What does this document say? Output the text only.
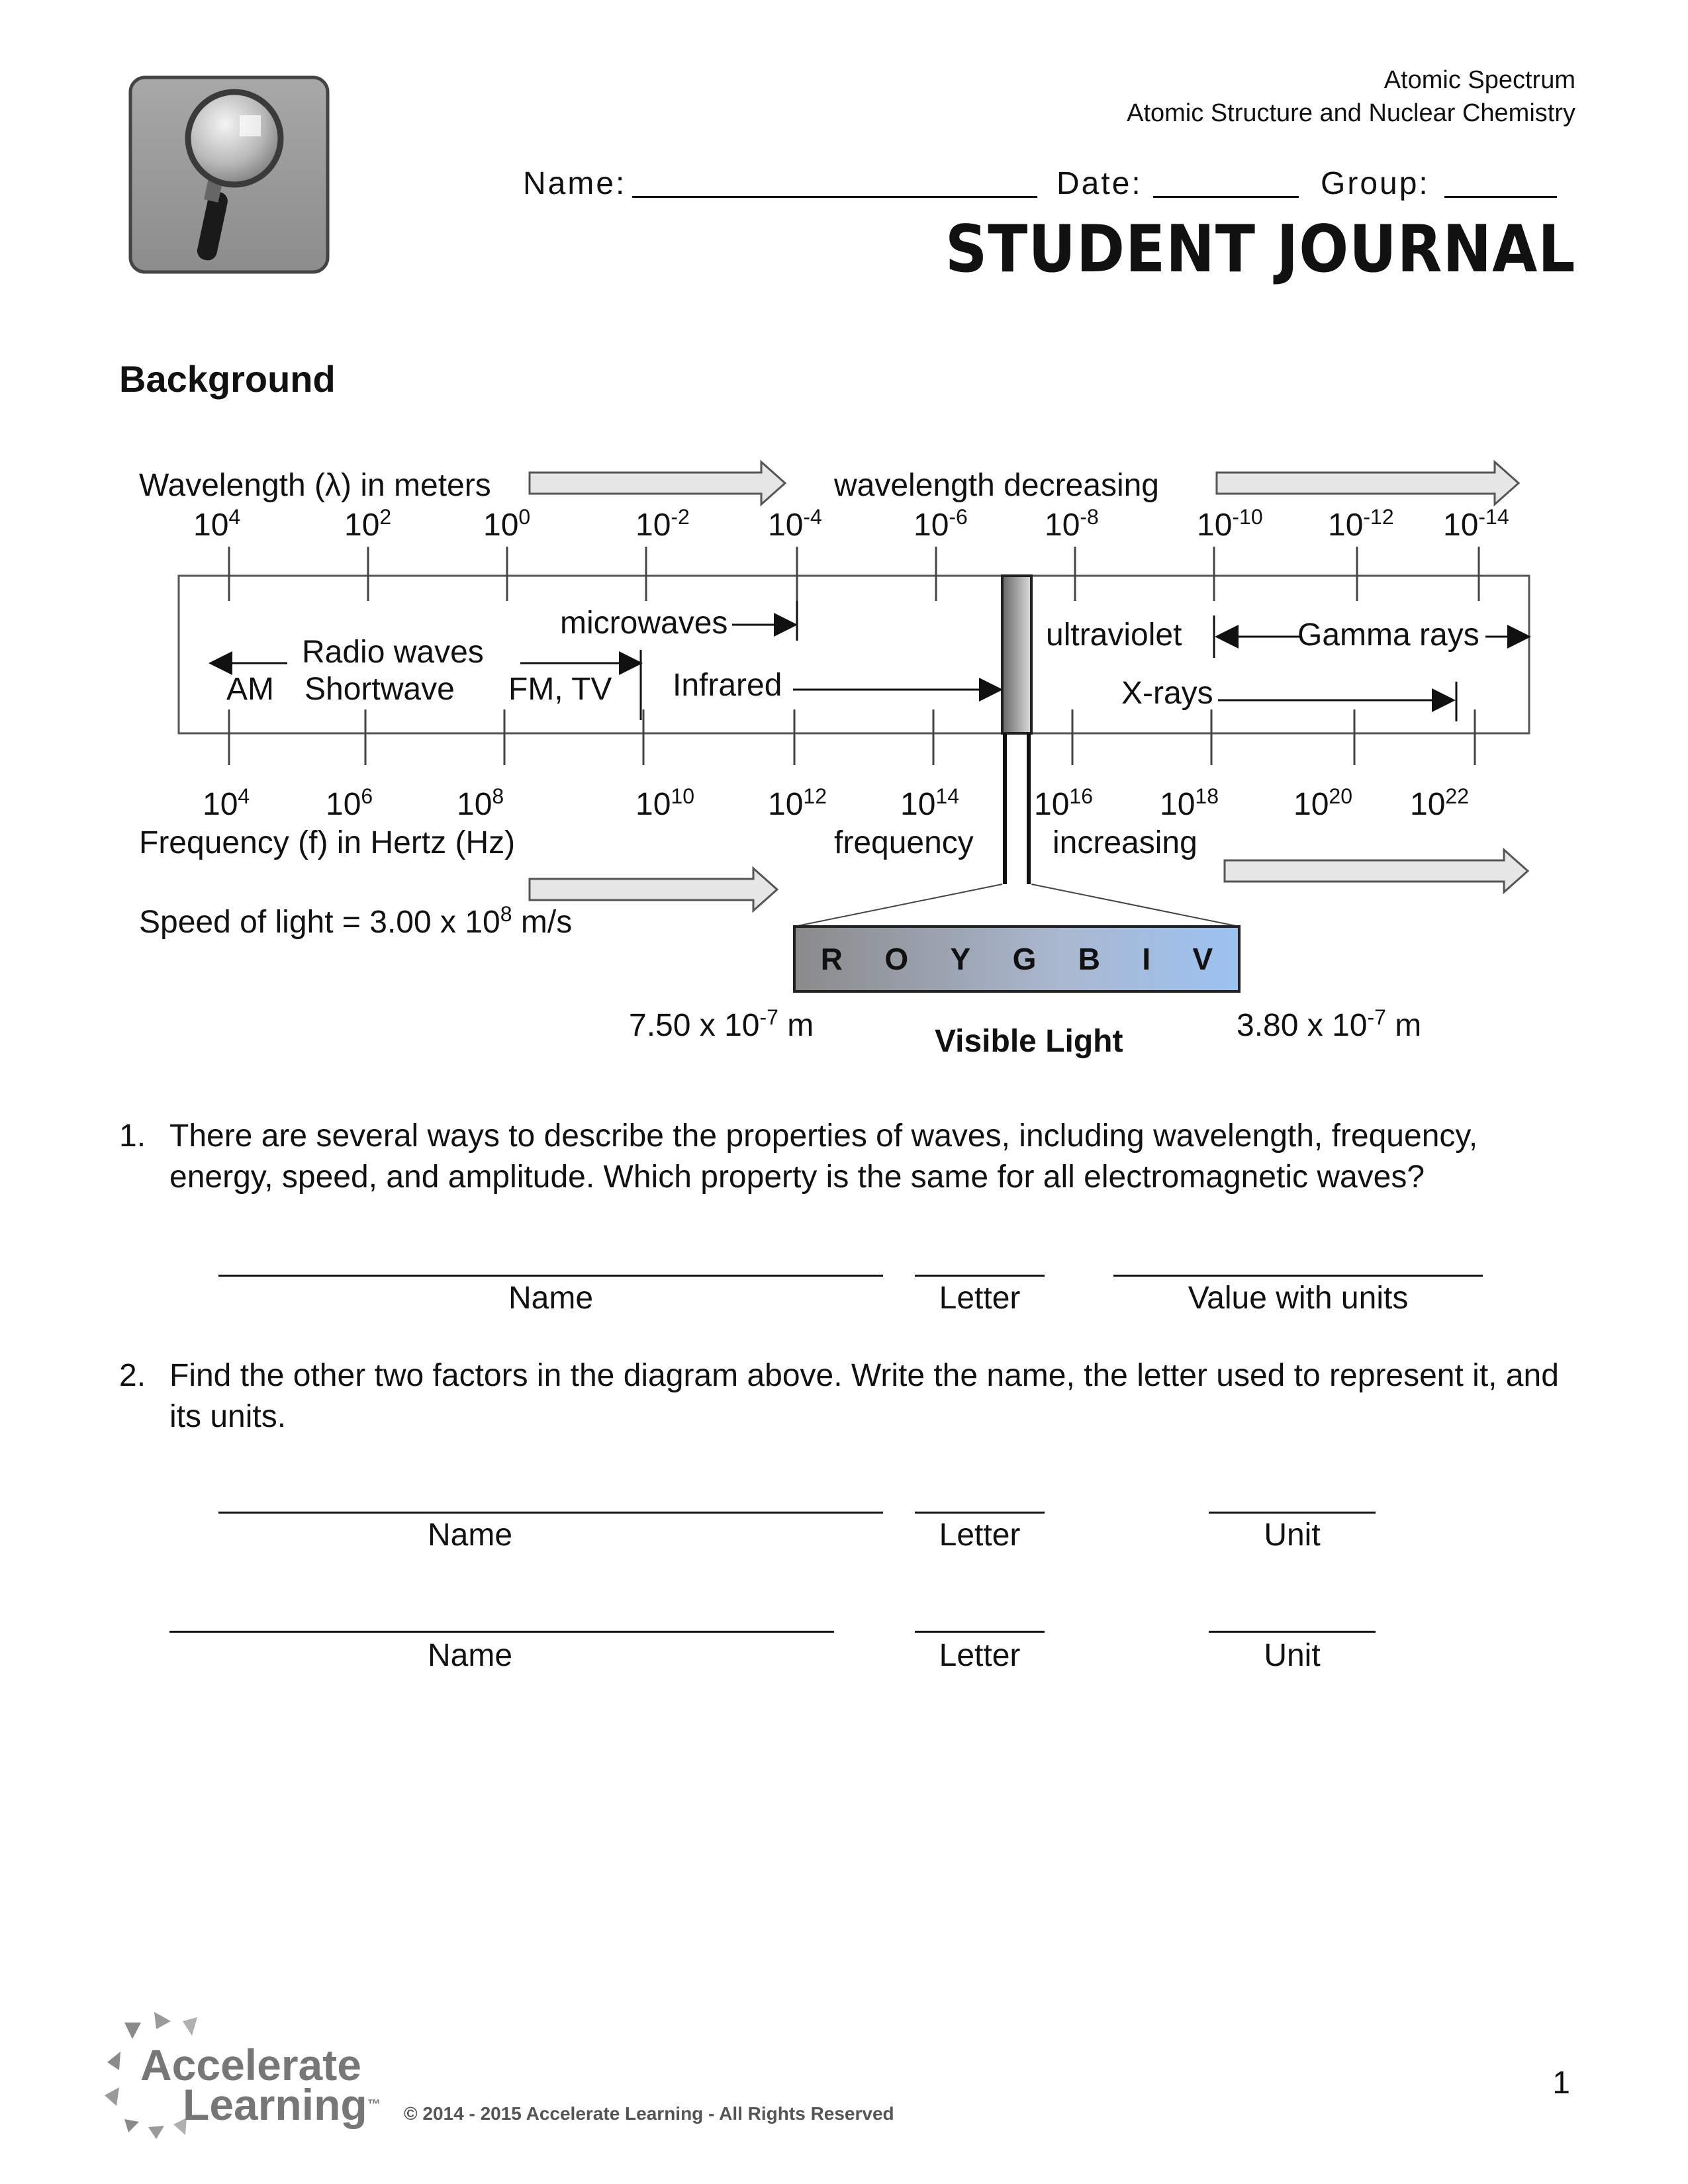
Atomic Spectrum
Atomic Structure and Nuclear Chemistry
Name:	Date:	Group:
STUDENT JOURNAL
Background
Wavelength (λ) in meters	wavelength decreasing
$10^4$	$10^2$	$10^0$	$10^{-2}$ $10^{-4}$	$10^{-6}$ $10^{-8}$	$10^{-10}$ $10^{-12}$ $10^{-14}$
microwaves
Radio waves
AM Shortwave FM, TV Infrared
ultraviolet	Gamma rays
X-rays
$10^4$ $10^6$	$10^8$	$10^{10}$ $10^{12}$ $10^{14}$ $10^{16}$ $10^{18}$ $10^{20}$ $10^{22}$
Frequency (f) in Hertz (Hz)	frequency increasing
Speed of light = 3.00 x $10^8$ m/s
R O Y G B I V
7.50 x $10^{-7}$ m	3.80 x $10^{-7}$ m
Visible Light
1. There are several ways to describe the properties of waves, including wavelength, frequency, energy, speed, and amplitude. Which property is the same for all electromagnetic waves?
Name	Letter	Value with units
2. Find the other two factors in the diagram above. Write the name, the letter used to represent it, and its units.
Name	Letter	Unit
Name	Letter	Unit
Accelerate
Learning™ © 2014 - 2015 Accelerate Learning - All Rights Reserved
1
